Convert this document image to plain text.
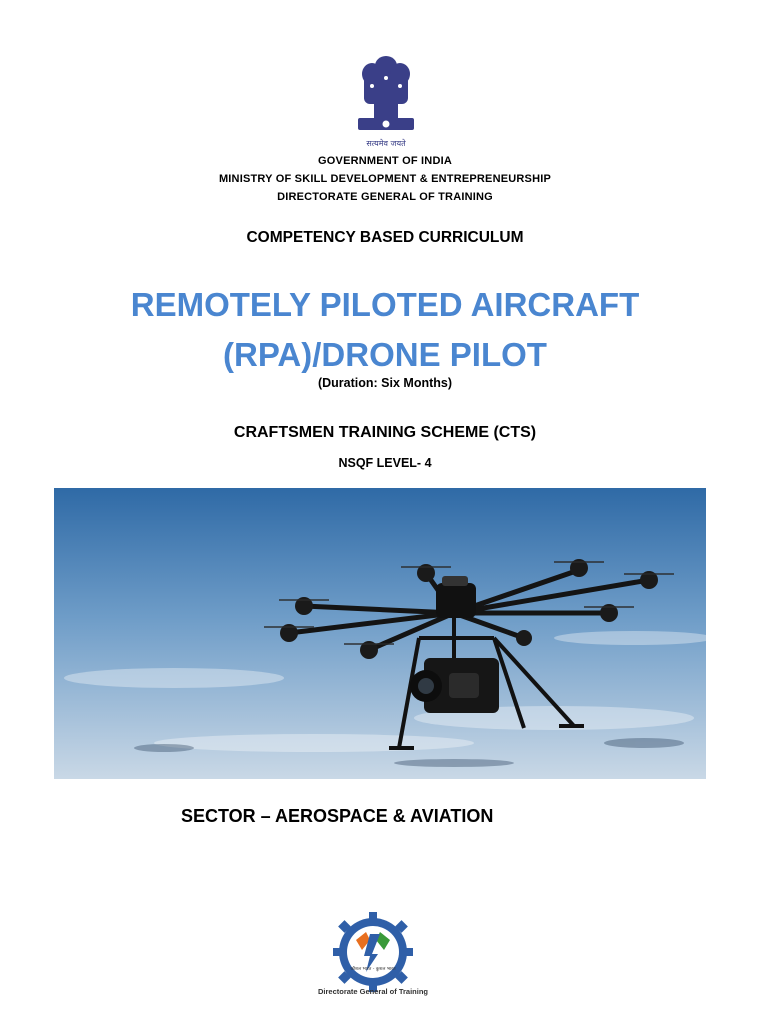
सत्यमेव जयते
GOVERNMENT OF INDIA
MINISTRY OF SKILL DEVELOPMENT & ENTREPRENEURSHIP
DIRECTORATE GENERAL OF TRAINING
COMPETENCY BASED CURRICULUM
REMOTELY PILOTED AIRCRAFT
(RPA)/DRONE PILOT
(Duration: Six Months)
CRAFTSMEN TRAINING SCHEME (CTS)
NSQF LEVEL- 4
SECTOR – AEROSPACE & AVIATION
कौशल भारत - कुशल भारत
Directorate General of Training
